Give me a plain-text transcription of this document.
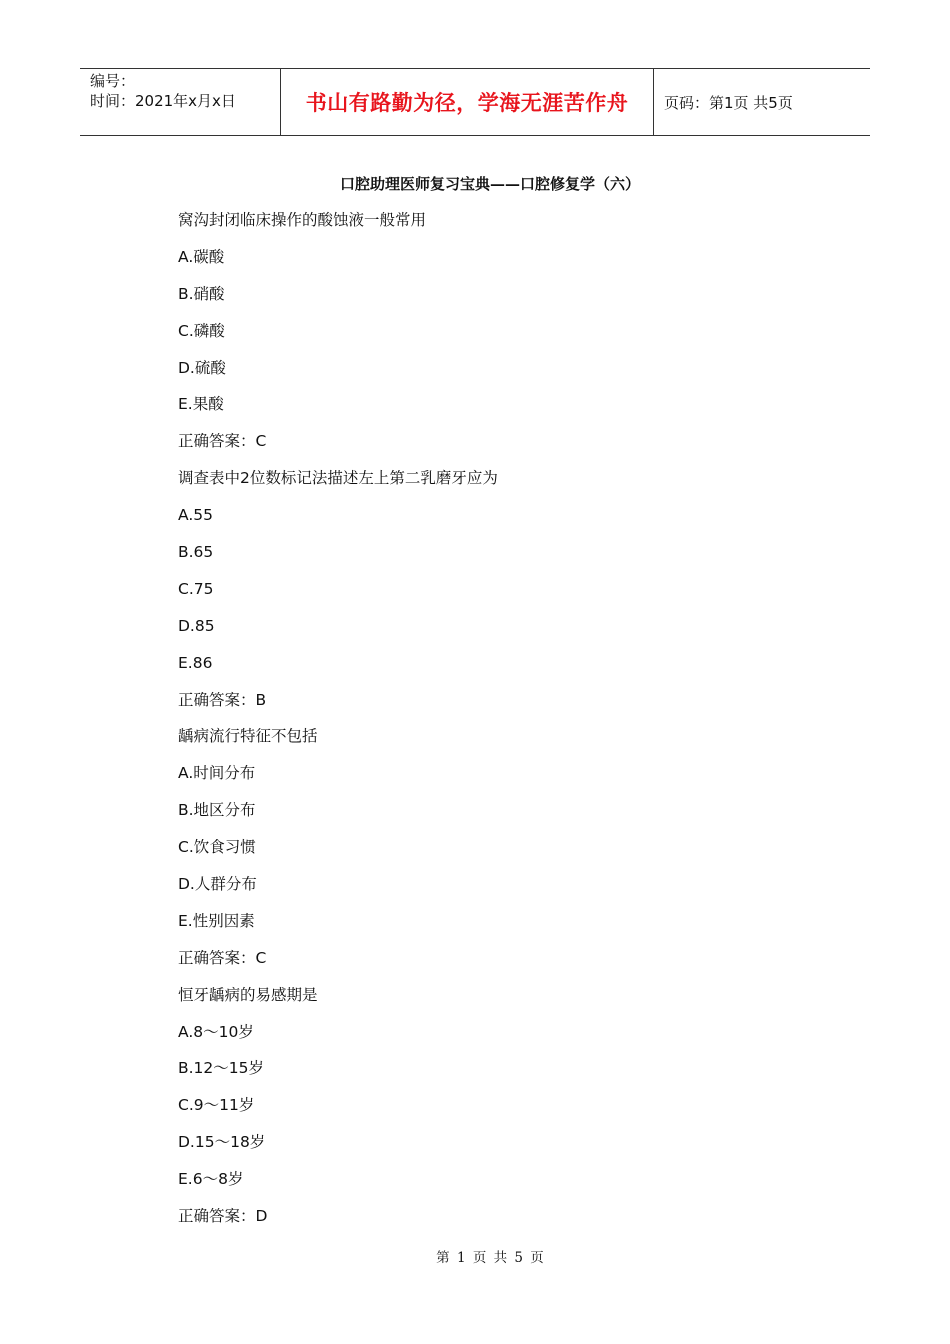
编号：
时间：2021年x月x日	书山有路勤为径，学海无涯苦作舟	页码：第1页 共5页
口腔助理医师复习宝典——口腔修复学（六）
窝沟封闭临床操作的酸蚀液一般常用
A.碳酸
B.硝酸
C.磷酸
D.硫酸
E.果酸
正确答案：C
调查表中2位数标记法描述左上第二乳磨牙应为
A.55
B.65
C.75
D.85
E.86
正确答案：B
龋病流行特征不包括
A.时间分布
B.地区分布
C.饮食习惯
D.人群分布
E.性别因素
正确答案：C
恒牙龋病的易感期是
A.8～10岁
B.12～15岁
C.9～11岁
D.15～18岁
E.6～8岁
正确答案：D
第 1 页 共 5 页
